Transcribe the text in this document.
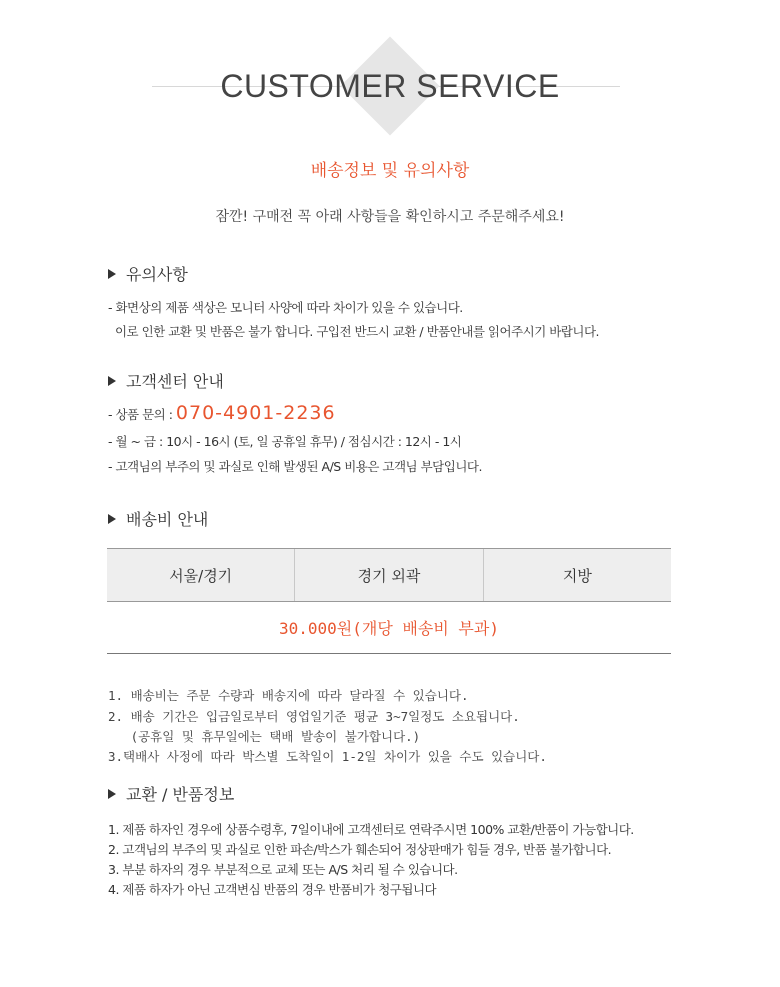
CUSTOMER SERVICE
배송정보 및 유의사항
잠깐! 구매전 꼭 아래 사항들을 확인하시고 주문해주세요!
유의사항
- 화면상의 제품 색상은 모니터 사양에 따라 차이가 있을 수 있습니다.
이로 인한 교환 및 반품은 불가 합니다. 구입전 반드시 교환 / 반품안내를 읽어주시기 바랍니다.
고객센터 안내
- 상품 문의 : 070-4901-2236
- 월 ~ 금 : 10시 - 16시 (토, 일 공휴일 휴무) / 점심시간 : 12시 - 1시
- 고객님의 부주의 및 과실로 인해 발생된 A/S 비용은 고객님 부담입니다.
배송비 안내
서울/경기	경기 외곽	지방
30.000원(개당 배송비 부과)
1. 배송비는 주문 수량과 배송지에 따라 달라질 수 있습니다.
2. 배송 기간은 입금일로부터 영업일기준 평균 3~7일정도 소요됩니다.
(공휴일 및 휴무일에는 택배 발송이 불가합니다.)
3.택배사 사정에 따라 박스별 도착일이 1-2일 차이가 있을 수도 있습니다.
교환 / 반품정보
1. 제품 하자인 경우에 상품수령후, 7일이내에 고객센터로 연락주시면 100% 교환/반품이 가능합니다.
2. 고객님의 부주의 및 과실로 인한 파손/박스가 훼손되어 정상판매가 힘들 경우, 반품 불가합니다.
3. 부분 하자의 경우 부분적으로 교체 또는 A/S 처리 될 수 있습니다.
4. 제품 하자가 아닌 고객변심 반품의 경우 반품비가 청구됩니다
